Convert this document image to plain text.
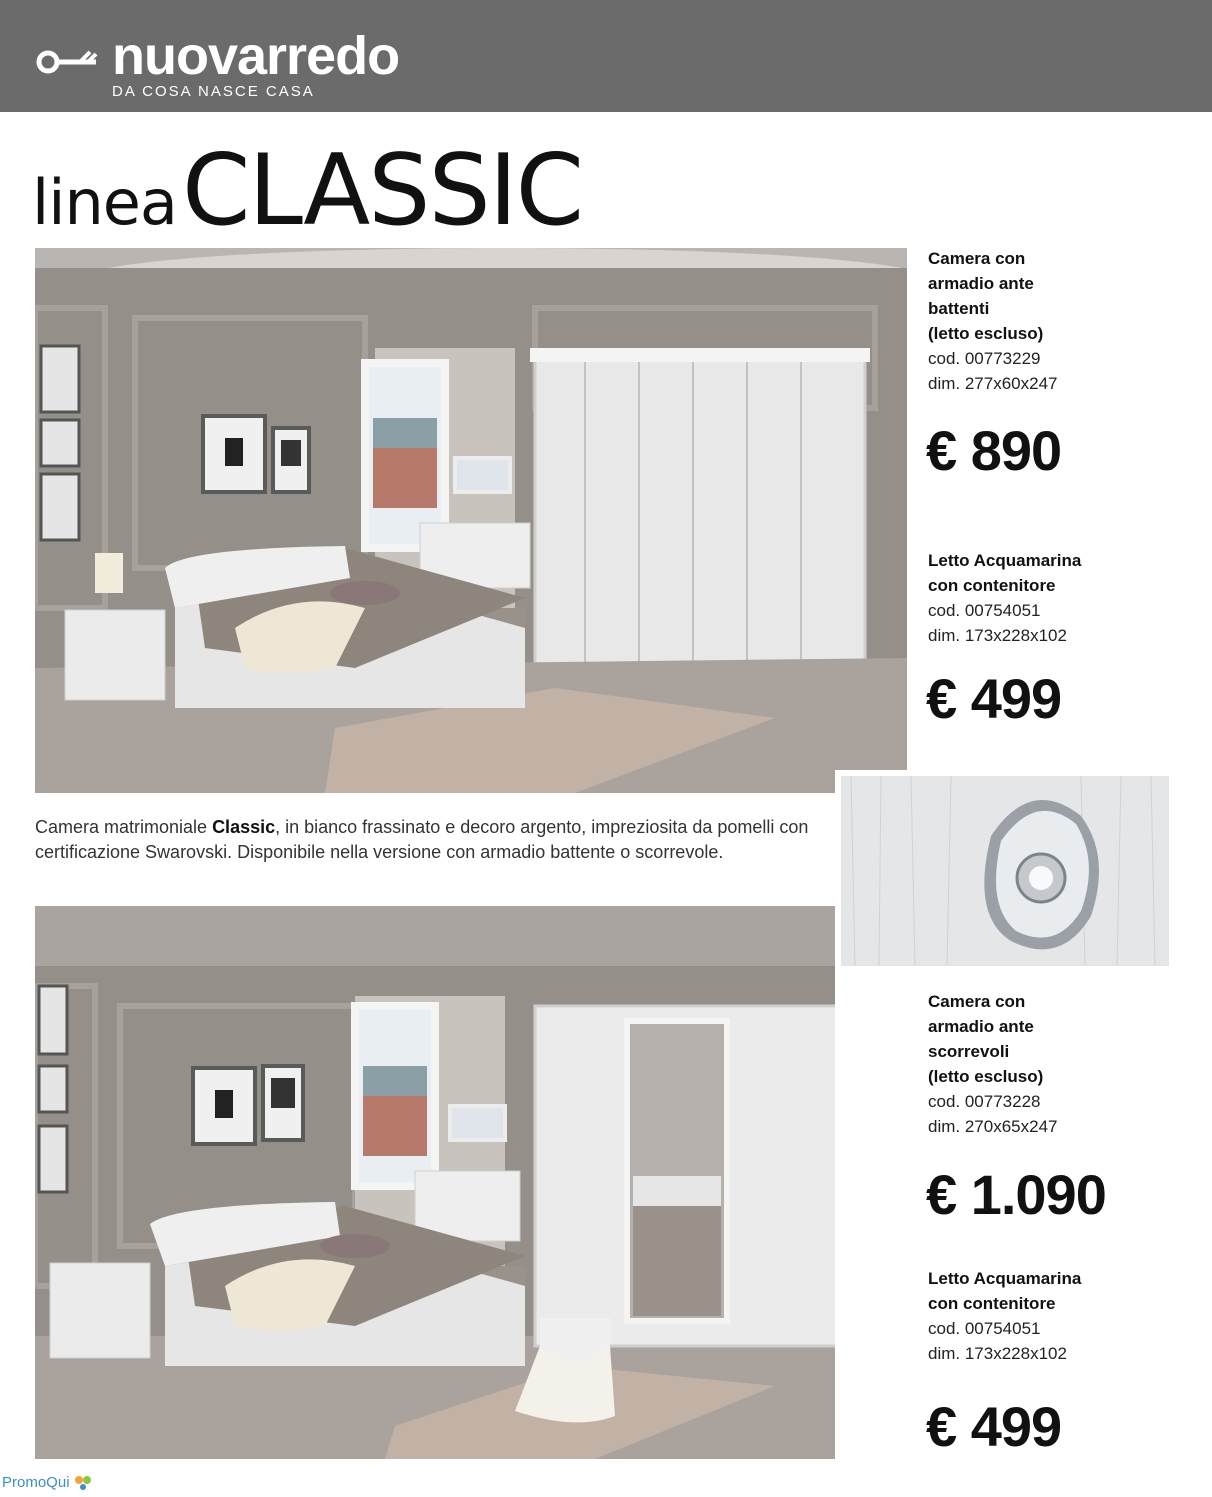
nuovarredo
DA COSA NASCE CASA
linea CLASSIC
Camera con
armadio ante
battenti
(letto escluso)
cod. 00773229
dim. 277x60x247
€ 890
Letto Acquamarina
con contenitore
cod. 00754051
dim. 173x228x102
€ 499
Camera matrimoniale Classic, in bianco frassinato e decoro argento, impreziosita da pomelli con certificazione Swarovski. Disponibile nella versione con armadio battente o scorrevole.
Camera con
armadio ante
scorrevoli
(letto escluso)
cod. 00773228
dim. 270x65x247
€ 1.090
Letto Acquamarina
con contenitore
cod. 00754051
dim. 173x228x102
€ 499
PromoQui
